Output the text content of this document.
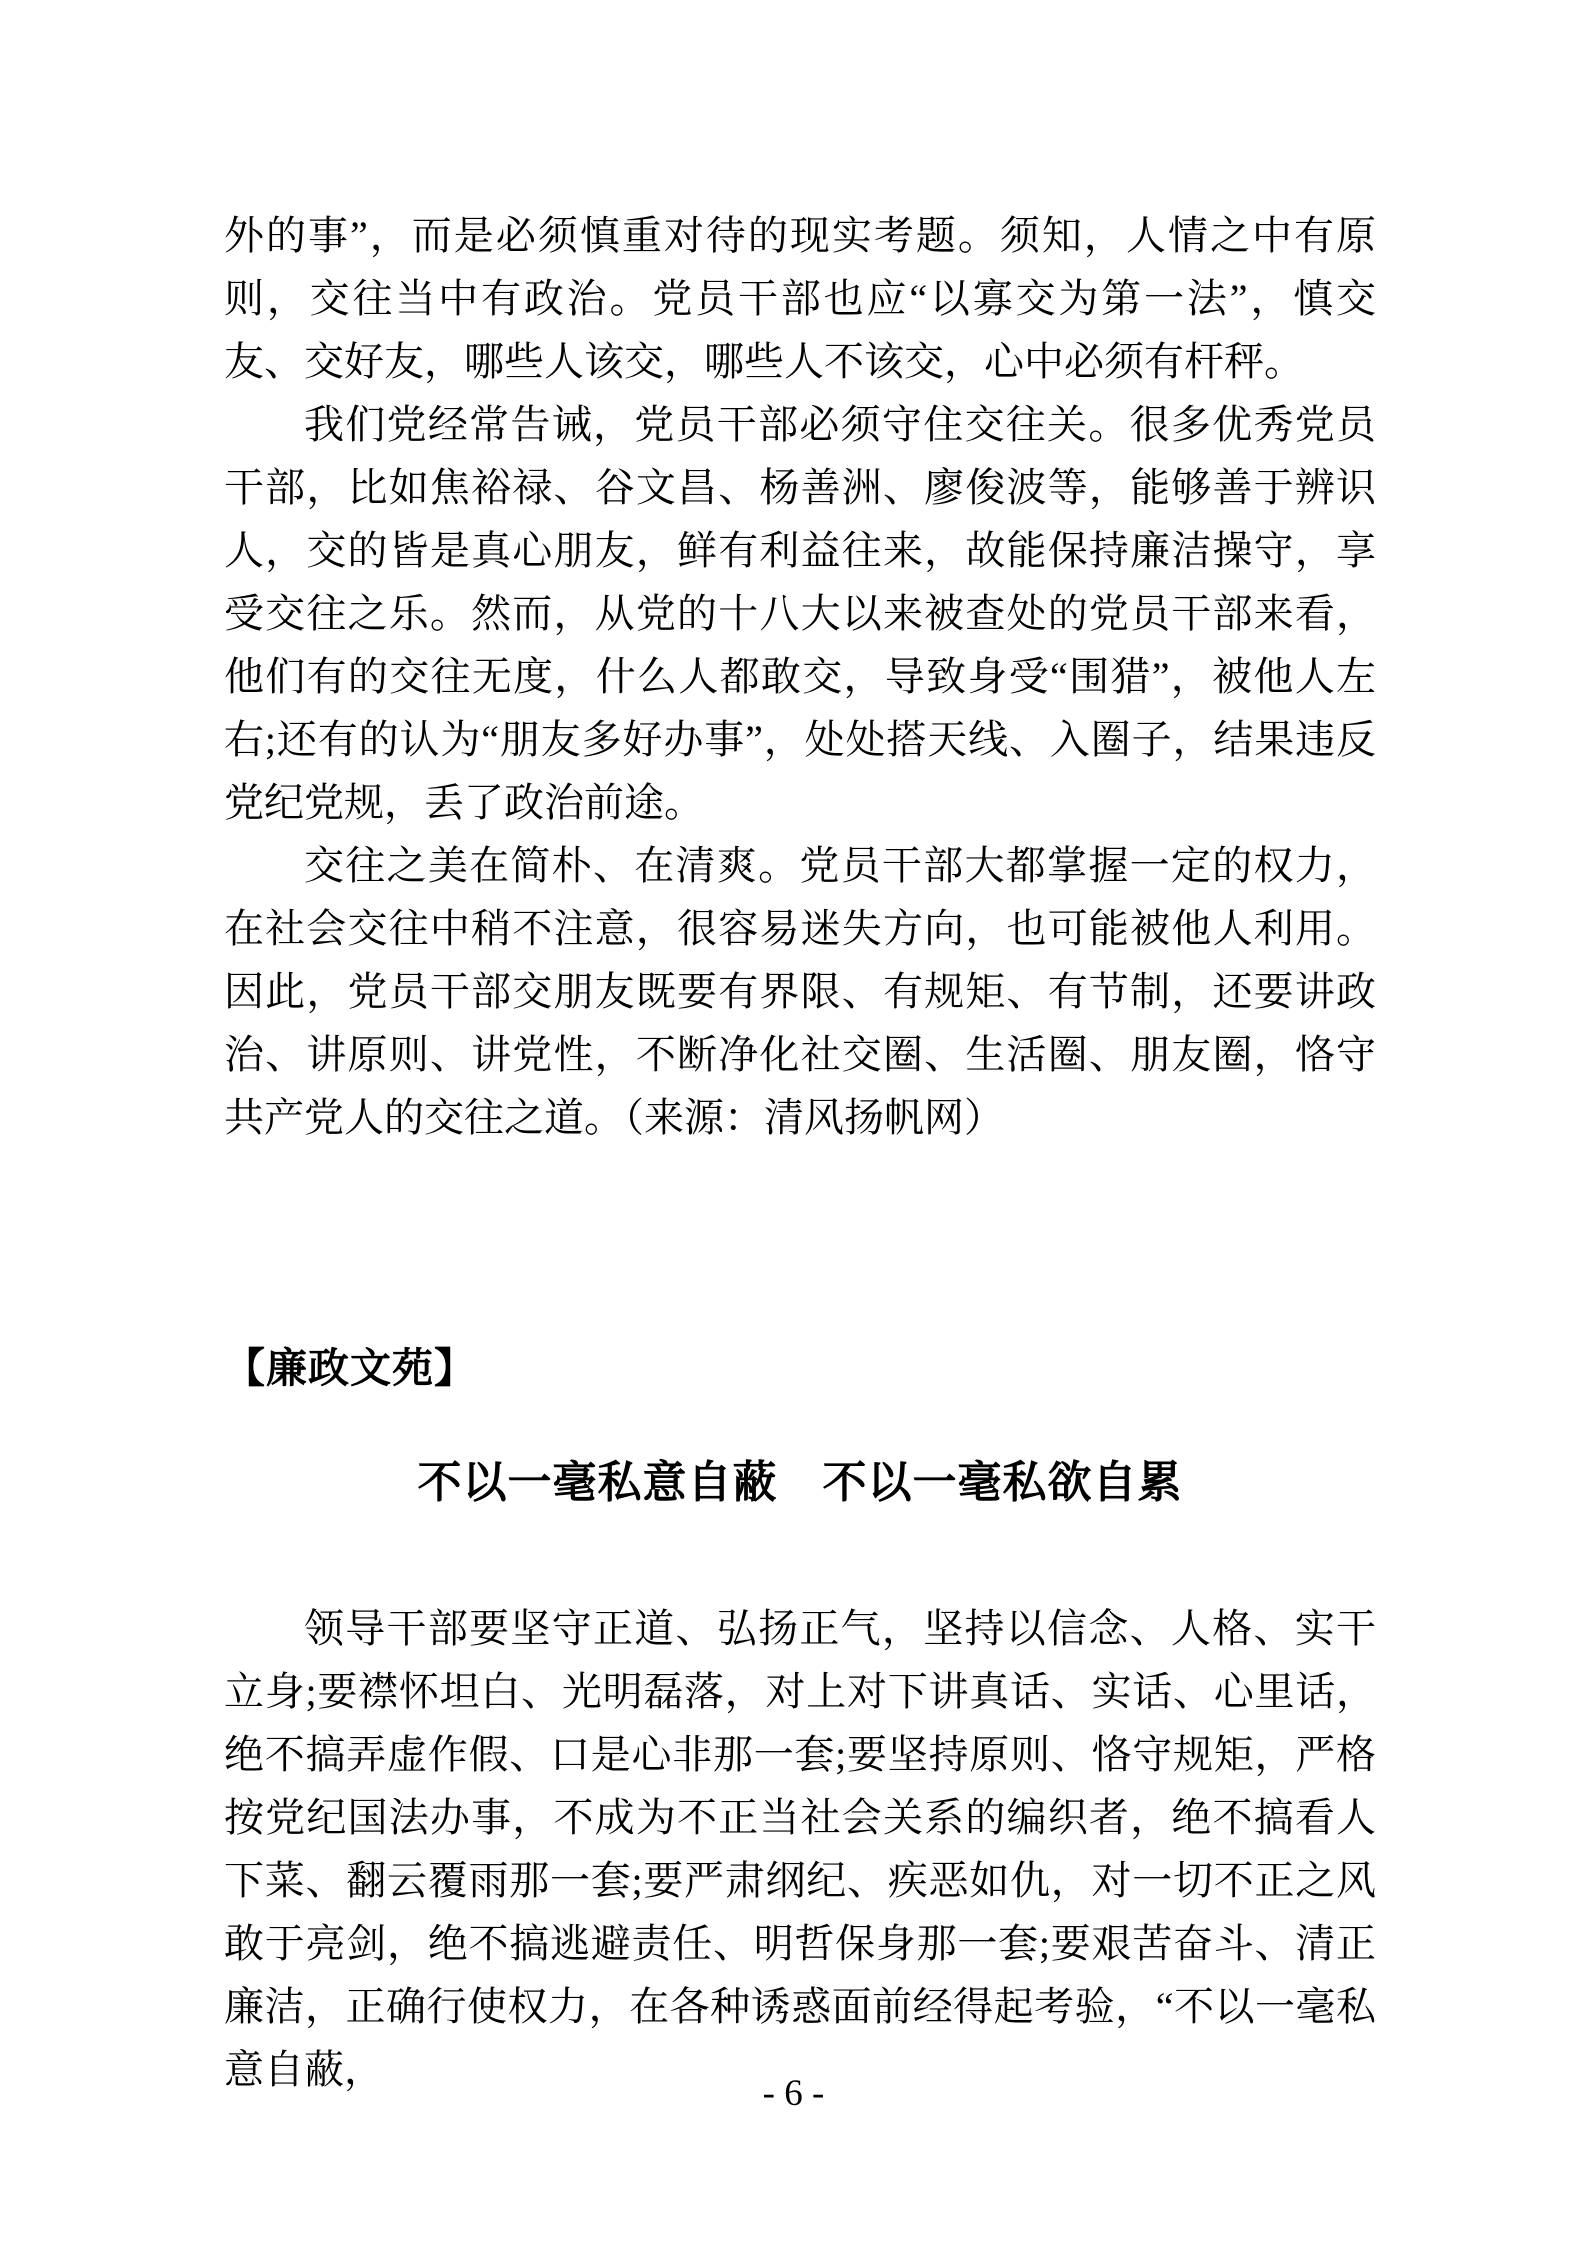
外的事”，而是必须慎重对待的现实考题。须知，人情之中有原则，交往当中有政治。党员干部也应“以寡交为第一法”，慎交友、交好友，哪些人该交，哪些人不该交，心中必须有杆秤。

我们党经常告诫，党员干部必须守住交往关。很多优秀党员干部，比如焦裕禄、谷文昌、杨善洲、廖俊波等，能够善于辨识人，交的皆是真心朋友，鲜有利益往来，故能保持廉洁操守，享受交往之乐。然而，从党的十八大以来被查处的党员干部来看，他们有的交往无度，什么人都敢交，导致身受“围猎”，被他人左右;还有的认为“朋友多好办事”，处处搭天线、入圈子，结果违反党纪党规，丢了政治前途。

交往之美在简朴、在清爽。党员干部大都掌握一定的权力，在社会交往中稍不注意，很容易迷失方向，也可能被他人利用。因此，党员干部交朋友既要有界限、有规矩、有节制，还要讲政治、讲原则、讲党性，不断净化社交圈、生活圈、朋友圈，恪守共产党人的交往之道。（来源：清风扬帆网）

【廉政文苑】
不以一毫私意自蔽　不以一毫私欲自累

领导干部要坚守正道、弘扬正气，坚持以信念、人格、实干立身;要襟怀坦白、光明磊落，对上对下讲真话、实话、心里话，绝不搞弄虚作假、口是心非那一套;要坚持原则、恪守规矩，严格按党纪国法办事，不成为不正当社会关系的编织者，绝不搞看人下菜、翻云覆雨那一套;要严肃纲纪、疾恶如仇，对一切不正之风敢于亮剑，绝不搞逃避责任、明哲保身那一套;要艰苦奋斗、清正廉洁，正确行使权力，在各种诱惑面前经得起考验，“不以一毫私意自蔽，

- 6 -
